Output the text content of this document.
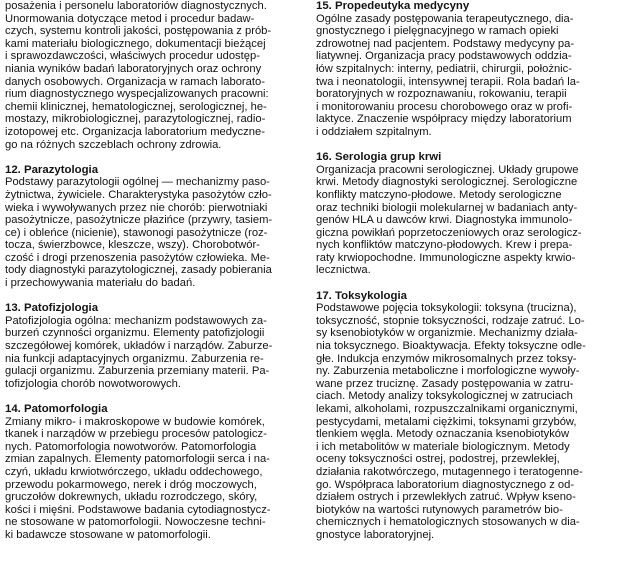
posażenia i personelu laboratoriów diagnostycznych.
Unormowania dotyczące metod i procedur badaw-
czych, systemu kontroli jakości, postępowania z prób-
kami materiału biologicznego, dokumentacji bieżącej
i sprawozdawczości, właściwych procedur udostęp-
niania wyników badań laboratoryjnych oraz ochrony
danych osobowych. Organizacja w ramach laborato-
rium diagnostycznego wyspecjalizowanych pracowni:
chemii klinicznej, hematologicznej, serologicznej, he-
mostazy, mikrobiologicznej, parazytologicznej, radio-
izotopowej etc. Organizacja laboratorium medyczne-
go na różnych szczeblach ochrony zdrowia.
12. Parazytologia
Podstawy parazytologii ogólnej — mechanizmy paso-
żytnictwa, żywiciele. Charakterystyka pasożytów czło-
wieka i wywoływanych przez nie chorób: pierwotniaki
pasożytnicze, pasożytnicze płazińce (przywry, tasiem-
ce) i obleńce (nicienie), stawonogi pasożytnicze (roz-
tocza, świerzbowce, kleszcze, wszy). Chorobotwór-
czość i drogi przenoszenia pasożytów człowieka. Me-
tody diagnostyki parazytologicznej, zasady pobierania
i przechowywania materiału do badań.
13. Patofizjologia
Patofizjologia ogólna: mechanizm podstawowych za-
burzeń czynności organizmu. Elementy patofizjologii
szczegółowej komórek, układów i narządów. Zaburze-
nia funkcji adaptacyjnych organizmu. Zaburzenia re-
gulacji organizmu. Zaburzenia przemiany materii. Pa-
tofizjologia chorób nowotworowych.
14. Patomorfologia
Zmiany mikro- i makroskopowe w budowie komórek,
tkanek i narządów w przebiegu procesów patologicz-
nych. Patomorfologia nowotworów. Patomorfologia
zmian zapalnych. Elementy patomorfologii serca i na-
czyń, układu krwiotwórczego, układu oddechowego,
przewodu pokarmowego, nerek i dróg moczowych,
gruczołów dokrewnych, układu rozrodczego, skóry,
kości i mięśni. Podstawowe badania cytodiagnostycz-
ne stosowane w patomorfologii. Nowoczesne techni-
ki badawcze stosowane w patomorfologii.
15. Propedeutyka medycyny
Ogólne zasady postępowania terapeutycznego, dia-
gnostycznego i pielęgnacyjnego w ramach opieki
zdrowotnej nad pacjentem. Podstawy medycyny pa-
liatywnej. Organizacja pracy podstawowych oddzia-
łów szpitalnych: interny, pediatrii, chirurgii, położnic-
twa i neonatologii, intensywnej terapii. Rola badań la-
boratoryjnych w rozpoznawaniu, rokowaniu, terapii
i monitorowaniu procesu chorobowego oraz w profi-
laktyce. Znaczenie współpracy między laboratorium
i oddziałem szpitalnym.
16. Serologia grup krwi
Organizacja pracowni serologicznej. Układy grupowe
krwi. Metody diagnostyki serologicznej. Serologiczne
konflikty matczyno-płodowe. Metody serologiczne
oraz techniki biologii molekularnej w badaniach anty-
genów HLA u dawców krwi. Diagnostyka immunolo-
giczna powikłań poprzetoczeniowych oraz serologicz-
nych konfliktów matczyno-płodowych. Krew i prepa-
raty krwiopochodne. Immunologiczne aspekty krwio-
lecznictwa.
17. Toksykologia
Podstawowe pojęcia toksykologii: toksyna (trucizna),
toksyczność, stopnie toksyczności, rodzaje zatruć. Lo-
sy ksenobiotyków w organizmie. Mechanizmy działa-
nia toksycznego. Bioaktywacja. Efekty toksyczne odle-
głe. Indukcja enzymów mikrosomalnych przez toksy-
ny. Zaburzenia metaboliczne i morfologiczne wywoły-
wane przez truciznę. Zasady postępowania w zatru-
ciach. Metody analizy toksykologicznej w zatruciach
lekami, alkoholami, rozpuszczalnikami organicznymi,
pestycydami, metalami ciężkimi, toksynami grzybów,
tlenkiem węgla. Metody oznaczania ksenobiotyków
i ich metabolitów w materiale biologicznym. Metody
oceny toksyczności ostrej, podostrej, przewlekłej,
działania rakotwórczego, mutagennego i teratogenne-
go. Współpraca laboratorium diagnostycznego z od-
działem ostrych i przewlekłych zatruć. Wpływ kseno-
biotyków na wartości rutynowych parametrów bio-
chemicznych i hematologicznych stosowanych w dia-
gnostyce laboratoryjnej.
